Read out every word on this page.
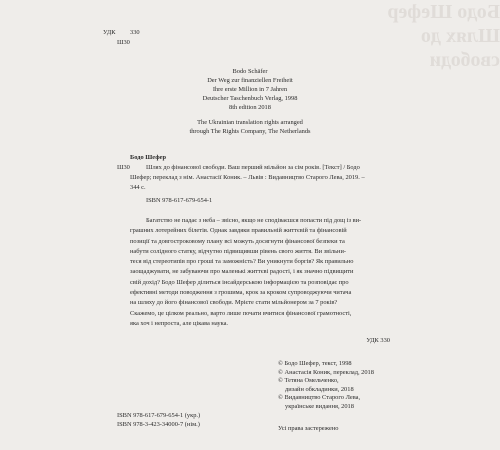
Бодо Шефер
Шлях до
свободи
УДК 330
Ш30
Bodo Schäfer
Der Weg zur finanziellen Freiheit
Ihre erste Million in 7 Jahren
Deutscher Taschenbuch Verlag, 1998
8th edition 2018
The Ukrainian translation rights arranged
through The Rights Company, The Netherlands
Бодо Шефер
Ш30	Шлях до фінансової свободи. Ваш перший мільйон за сім років. [Текст] / Бодо
Шефер; переклад з нім. Анастасії Коник. – Львів : Видавництво Старого Лева, 2019. –
344 с.
ISBN 978-617-679-654-1
Багатство не падає з неба – звісно, якщо не сподіваєшся попасти під дощ із ви-
грашних лотерейних білетів. Однак завдяки правильній життєвій та фінансовій
позиції та довгостроковому плану всі можуть досягнути фінансової безпеки та
набути солідного статку, відчутно підвищивши рівень свого життя. Ви звільни-
теся від стереотипів про гроші та заможність? Ви уникнути боргів? Як правильно
заощаджувати, не забуваючи про маленькі життєві радості, і як значно підвищити
свій дохід? Бодо Шефер ділиться інсайдерською інформацією та розповідає про
ефективні методи поводження з грошима, крок за кроком супроводжуючи читача
на шляху до його фінансової свободи. Мрієте стати мільйонером за 7 років?
Скажемо, це цілком реально, варто лише почати вчитися фінансової грамотності,
яка хоч і непроста, але цікава наука.
УДК 330
© Бодо Шефер, текст, 1998
© Анастасія Коник, переклад, 2018
© Тетяна Омельченко,
дизайн обкладинки, 2018
© Видавництво Старого Лева,
українське видання, 2018
ISBN 978-617-679-654-1 (укр.)
ISBN 978-3-423-34000-7 (нім.)
Усі права застережено
